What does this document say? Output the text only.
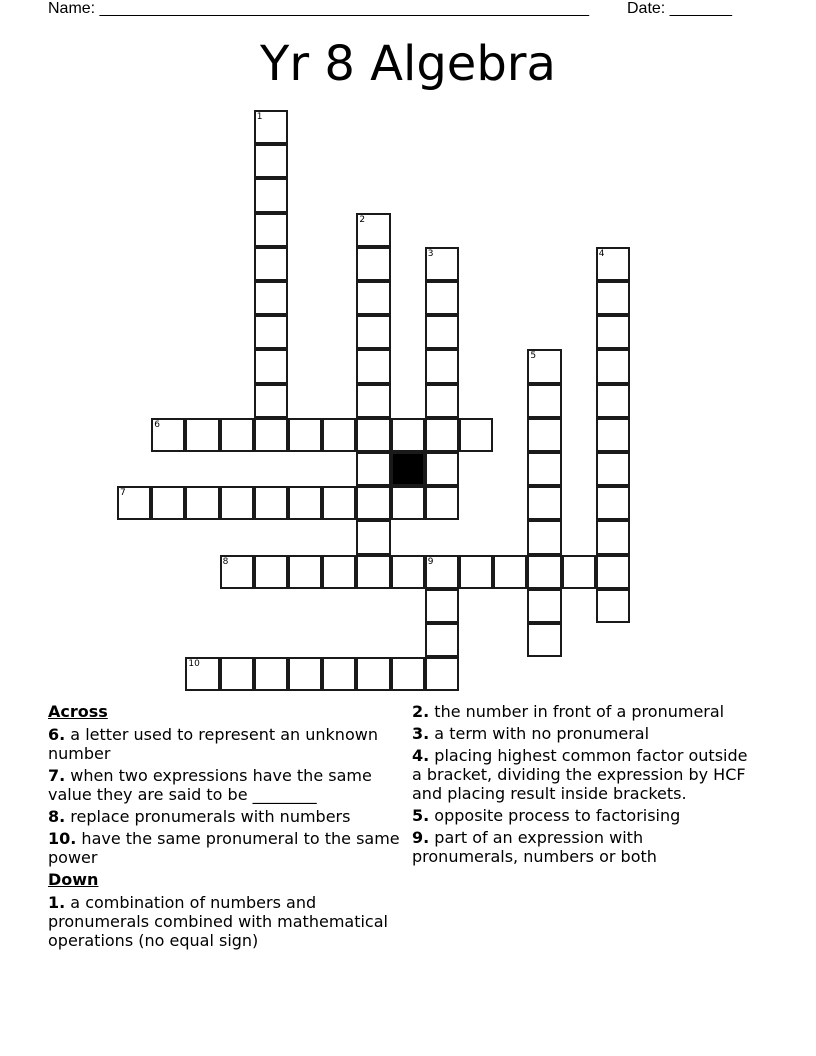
Name: _______________________________________________________ Date: _______
Yr 8 Algebra
1
2
3	4
5
6
7
8	9
10
Across
6. a letter used to represent an unknown number
7. when two expressions have the same value they are said to be ________
8. replace pronumerals with numbers
10. have the same pronumeral to the same power
Down
1. a combination of numbers and pronumerals combined with mathematical operations (no equal sign)
2. the number in front of a pronumeral
3. a term with no pronumeral
4. placing highest common factor outside a bracket, dividing the expression by HCF and placing result inside brackets.
5. opposite process to factorising
9. part of an expression with pronumerals, numbers or both
